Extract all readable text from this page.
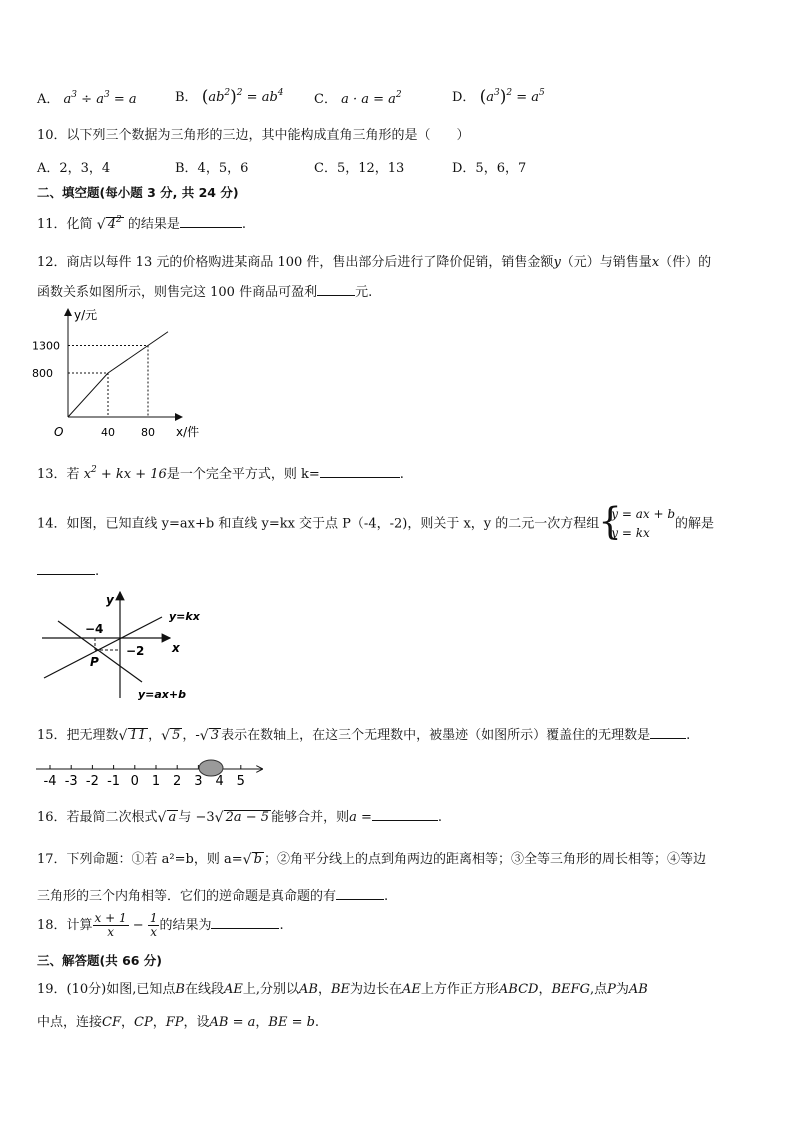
A． $a^3 \div a^3 = a$	B． $(ab^2)^2 = ab^4$ C． $a \cdot a = a^2$	D． $(a^3)^2 = a^5$
10．以下列三个数据为三角形的三边，其中能构成直角三角形的是（　　）
A．2，3，4	B．4，5，6	C．5，12，13	D．5，6，7
二、填空题(每小题 3 分, 共 24 分)
11．化简 √ $4^2$ 的结果是	.
12．商店以每件 13 元的价格购进某商品 100 件，售出部分后进行了降价促销，销售金额y（元）与销售量x（件）的
函数关系如图所示，则售完这 100 件商品可盈利	元.
y/元
x/件
O	40 80
800
1300
13．若 $x^2$ + kx + 16是一个完全平方式，则 k=	.
14．如图，已知直线 y=ax+b 和直线 y=kx 交于点 P（-4，-2)，则关于 x，y 的二元一次方程组 {
y = ax + b
y = kx
的解是
.
y
x
y=kx
y=ax+b
P
−4
−2
15．把无理数 √ 11 ， √ 5 ，- √ 3 表示在数轴上，在这三个无理数中，被墨迹（如图所示）覆盖住的无理数是	.
-4 -3 -2 -1 0 1 2 3 4 5
16．若最简二次根式 √ a 与 −3 √ 2a − 5 能够合并，则a =	.
17．下列命题：①若 a²=b，则 a= √ b ；②角平分线上的点到角两边的距离相等；③全等三角形的周长相等；④等边
三角形的三个内角相等．它们的逆命题是真命题的有	.
18．计算 $\frac{x + 1}{x} - \frac{1}{x}$ 的结果为	.
三、解答题(共 66 分)
19．(10分)如图,已知点B在线段AE上,分别以AB，BE为边长在AE上方作正方形ABCD，BEFG,点P为AB
中点，连接CF，CP，FP，设AB = a，BE = b.
